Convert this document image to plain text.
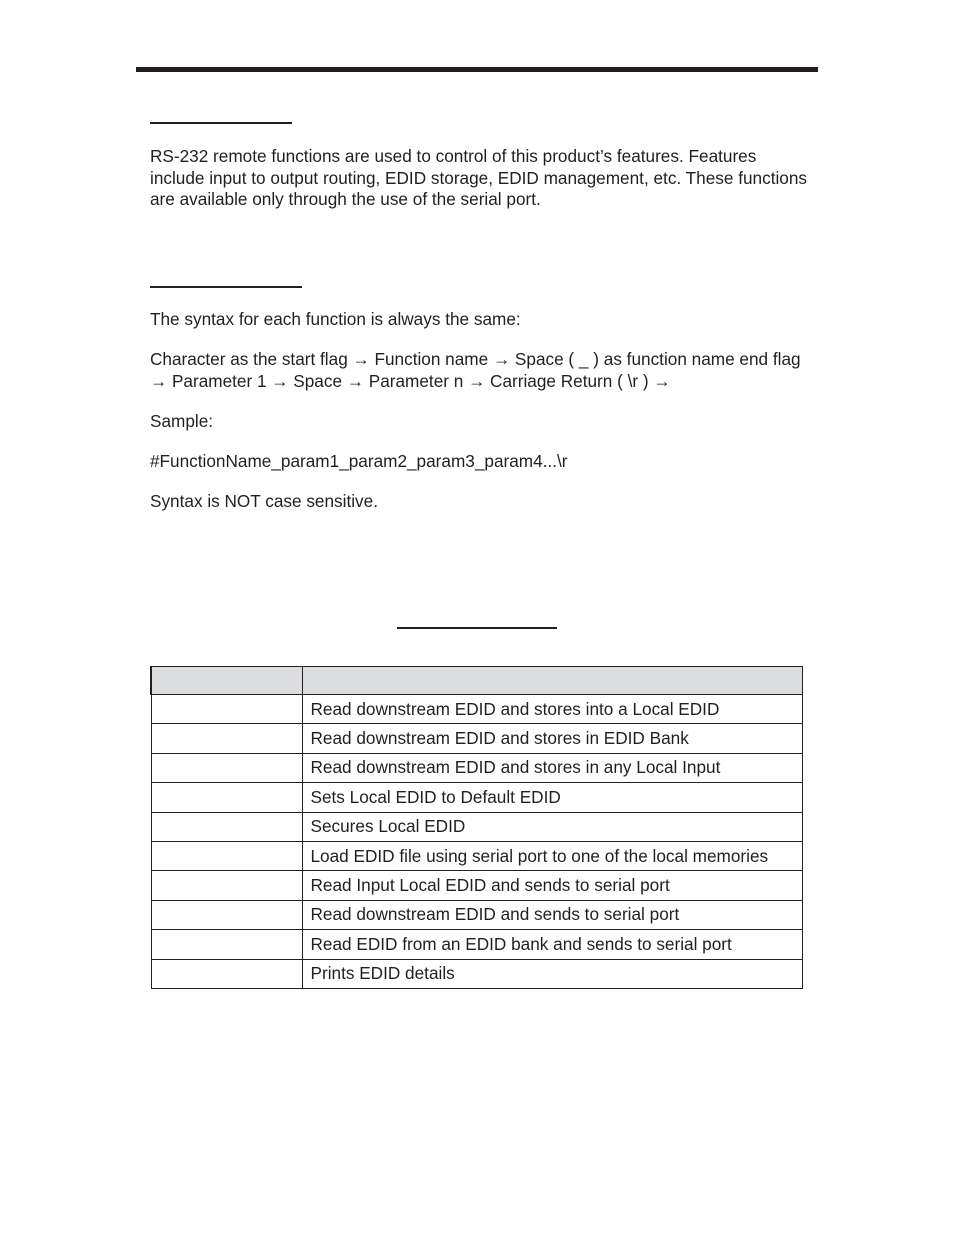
RS-232 remote functions are used to control of this product’s features. Features include input to output routing, EDID storage, EDID management, etc. These functions are available only through the use of the serial port.

The syntax for each function is always the same:

Character as the start flag → Function name → Space ( _ ) as function name end flag → Parameter 1 → Space → Parameter n → Carriage Return ( \r ) →

Sample:

#FunctionName_param1_param2_param3_param4...\r

Syntax is NOT case sensitive.

	Read downstream EDID and stores into a Local EDID
	Read downstream EDID and stores in EDID Bank
	Read downstream EDID and stores in any Local Input
	Sets Local EDID to Default EDID
	Secures Local EDID
	Load EDID file using serial port to one of the local memories
	Read Input Local EDID and sends to serial port
	Read downstream EDID and sends to serial port
	Read EDID from an EDID bank and sends to serial port
	Prints EDID details
